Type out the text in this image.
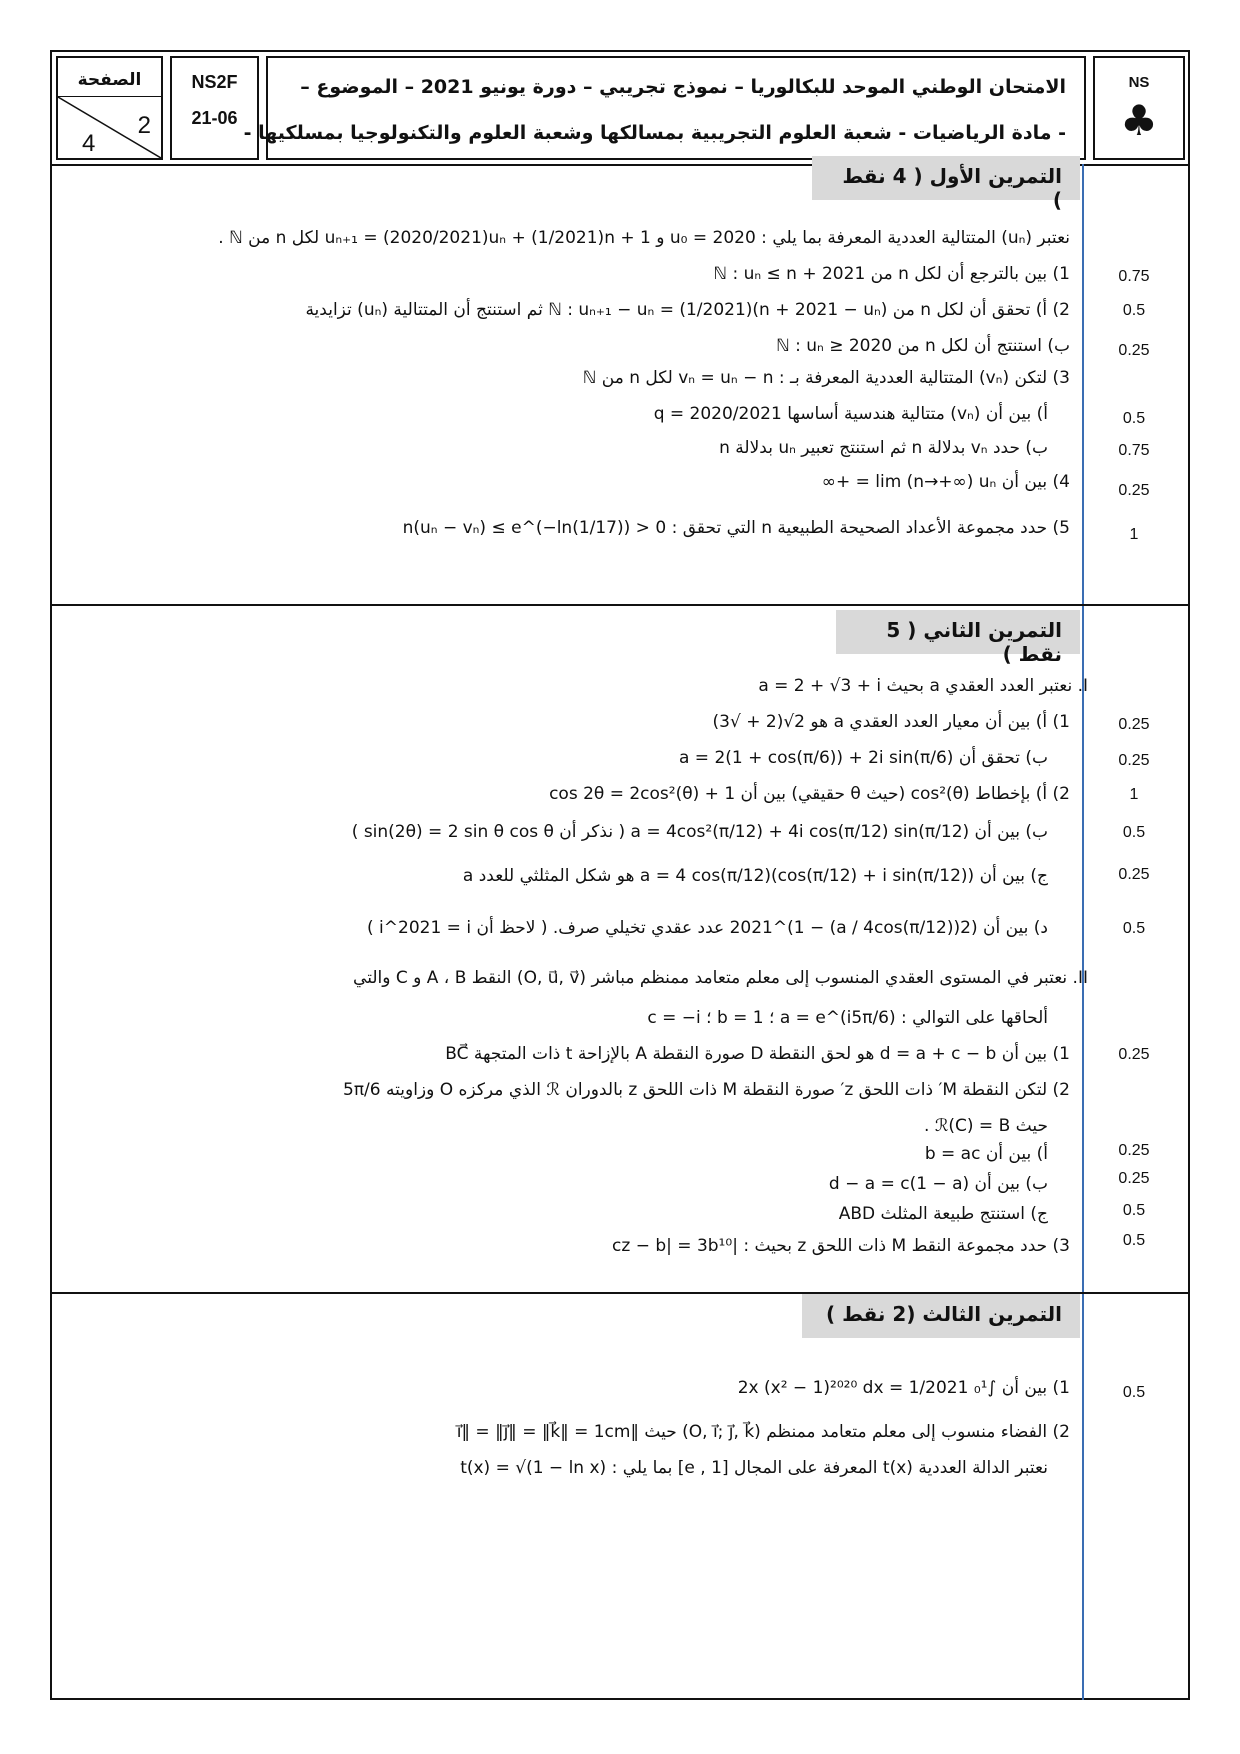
الصفحة
2
4
NS2F
21-06
الامتحان الوطني الموحد للبكالوريا – نموذج تجريبي – دورة يونيو 2021 – الموضوع –
- مادة الرياضيات - شعبة العلوم التجريبية بمسالكها وشعبة العلوم والتكنولوجيا بمسلكيها -
NS
♣
التمرين الأول ( 4 نقط )
نعتبر (uₙ) المتتالية العددية المعرفة بما يلي : u₀ = 2020 و uₙ₊₁ = (2020/2021)uₙ + (1/2021)n + 1 لكل n من ℕ .
1) بين بالترجع أن لكل n من ℕ : uₙ ≤ n + 2021
2) أ) تحقق أن لكل n من ℕ : uₙ₊₁ − uₙ = (1/2021)(n + 2021 − uₙ) ثم استنتج أن المتتالية (uₙ) تزايدية
ب) استنتج أن لكل n من ℕ : uₙ ≥ 2020
3) لتكن (vₙ) المتتالية العددية المعرفة بـ : vₙ = uₙ − n لكل n من ℕ
أ) بين أن (vₙ) متتالية هندسية أساسها q = 2020/2021
ب) حدد vₙ بدلالة n ثم استنتج تعبير uₙ بدلالة n
4) بين أن lim (n→+∞) uₙ = +∞
5) حدد مجموعة الأعداد الصحيحة الطبيعية n التي تحقق : 0 < n(uₙ − vₙ) ≤ e^(−ln(1/17))
0.75
0.5
0.25
0.5
0.75
0.25
1
التمرين الثاني ( 5 نقط )
I. نعتبر العدد العقدي a بحيث a = 2 + √3 + i
1) أ) بين أن معيار العدد العقدي a هو 2√(2 + √3)
ب) تحقق أن a = 2(1 + cos(π/6)) + 2i sin(π/6)
2) أ) بإخطاط cos²(θ) (حيث θ حقيقي) بين أن 1 + cos 2θ = 2cos²(θ)
ب) بين أن a = 4cos²(π/12) + 4i cos(π/12) sin(π/12) ( نذكر أن sin(2θ) = 2 sin θ cos θ )
ج) بين أن a = 4 cos(π/12)(cos(π/12) + i sin(π/12)) هو شكل المثلثي للعدد a
د) بين أن (2(a / 4cos(π/12)) − 1)^2021 عدد عقدي تخيلي صرف. ( لاحظ أن i^2021 = i )
II. نعتبر في المستوى العقدي المنسوب إلى معلم متعامد ممنظم مباشر (O, u⃗, v⃗) النقط A ، B و C والتي
ألحاقها على التوالي : a = e^(i5π/6) ؛ b = 1 ؛ c = −i
1) بين أن d = a + c − b هو لحق النقطة D صورة النقطة A بالإزاحة t ذات المتجهة BC⃗
2) لتكن النقطة M′ ذات اللحق z′ صورة النقطة M ذات اللحق z بالدوران ℛ الذي مركزه O وزاويته 5π/6
حيث ℛ(C) = B .
أ) بين أن b = ac
ب) بين أن d − a = c(1 − a)
ج) استنتج طبيعة المثلث ABD
3) حدد مجموعة النقط M ذات اللحق z بحيث : |cz − b| = 3b¹⁰
0.25
0.25
1
0.5
0.25
0.5
0.25
0.25
0.25
0.5
0.5
التمرين الثالث (2 نقط )
1) بين أن ∫₀¹ 2x (x² − 1)²⁰²⁰ dx = 1/2021
2) الفضاء منسوب إلى معلم متعامد ممنظم (O, i⃗; j⃗, k⃗) حيث ‖i⃗‖ = ‖j⃗‖ = ‖k⃗‖ = 1cm
نعتبر الدالة العددية t(x) المعرفة على المجال [1 , e] بما يلي : t(x) = √(1 − ln x)
0.5
